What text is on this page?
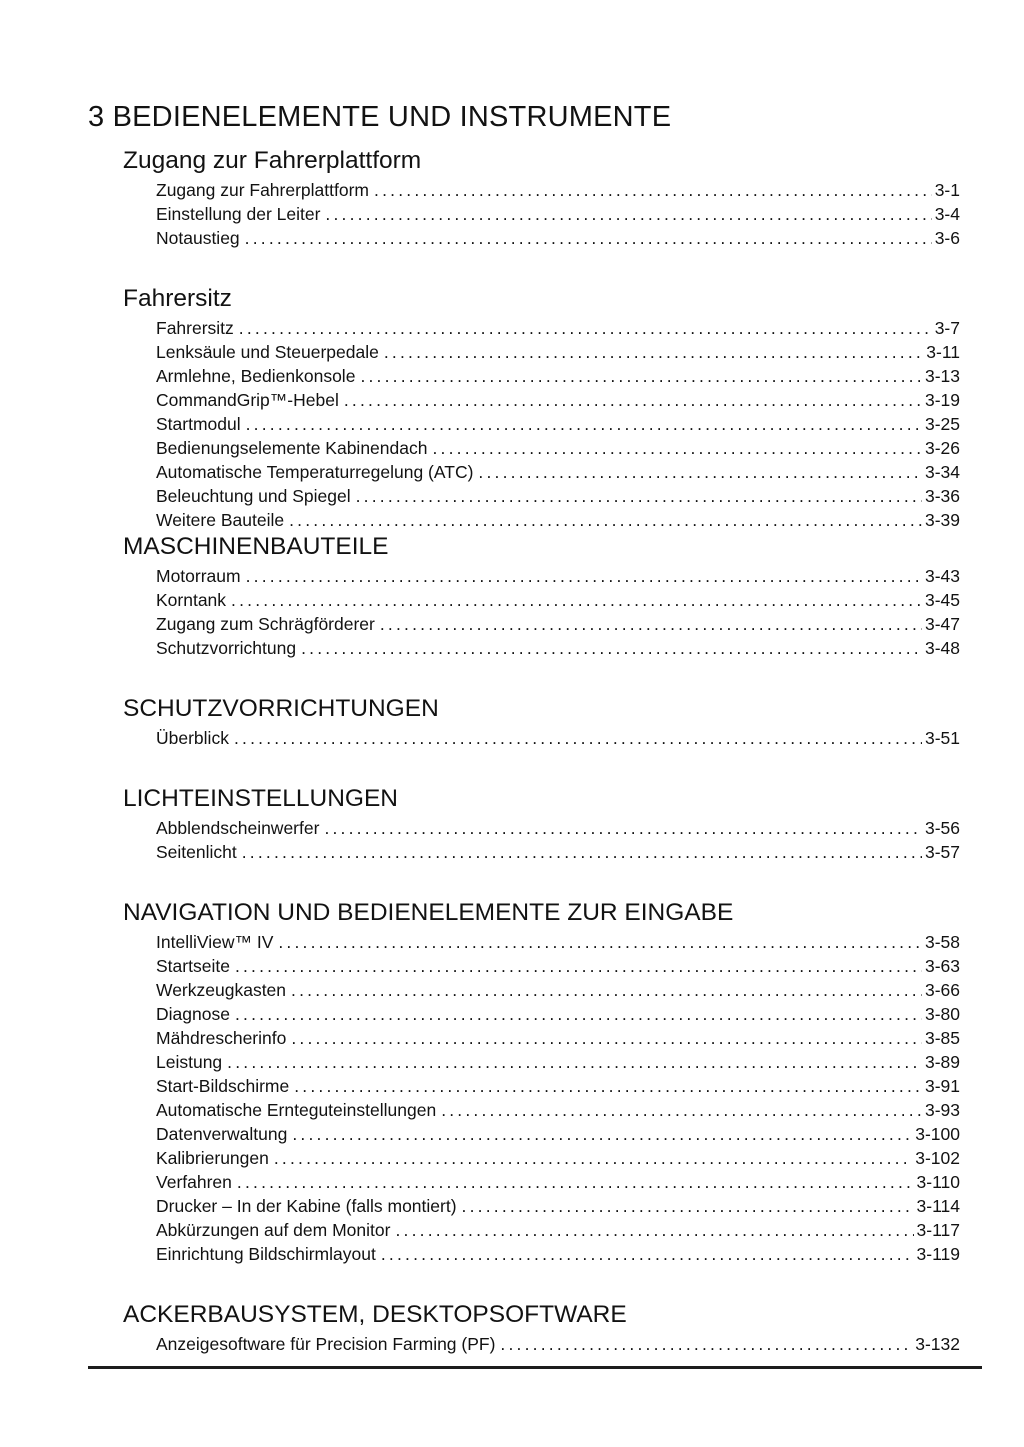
3 BEDIENELEMENTE UND INSTRUMENTE
Zugang zur Fahrerplattform
Zugang zur Fahrerplattform .....	3-1
Einstellung der Leiter .....	3-4
Notaustieg .....	3-6
Fahrersitz
Fahrersitz .....	3-7
Lenksäule und Steuerpedale .....	3-11
Armlehne, Bedienkonsole .....	3-13
CommandGrip™-Hebel .....	3-19
Startmodul .....	3-25
Bedienungselemente Kabinendach .....	3-26
Automatische Temperaturregelung (ATC) .....	3-34
Beleuchtung und Spiegel .....	3-36
Weitere Bauteile .....	3-39
MASCHINENBAUTEILE
Motorraum .....	3-43
Korntank .....	3-45
Zugang zum Schrägförderer .....	3-47
Schutzvorrichtung .....	3-48
SCHUTZVORRICHTUNGEN
Überblick .....	3-51
LICHTEINSTELLUNGEN
Abblendscheinwerfer .....	3-56
Seitenlicht .....	3-57
NAVIGATION UND BEDIENELEMENTE ZUR EINGABE
IntelliView™ IV .....	3-58
Startseite .....	3-63
Werkzeugkasten .....	3-66
Diagnose .....	3-80
Mähdrescherinfo .....	3-85
Leistung .....	3-89
Start-Bildschirme .....	3-91
Automatische Ernteguteinstellungen .....	3-93
Datenverwaltung .....	3-100
Kalibrierungen .....	3-102
Verfahren .....	3-110
Drucker – In der Kabine (falls montiert) .....	3-114
Abkürzungen auf dem Monitor .....	3-117
Einrichtung Bildschirmlayout .....	3-119
ACKERBAUSYSTEM, DESKTOPSOFTWARE
Anzeigesoftware für Precision Farming (PF) .....	3-132
